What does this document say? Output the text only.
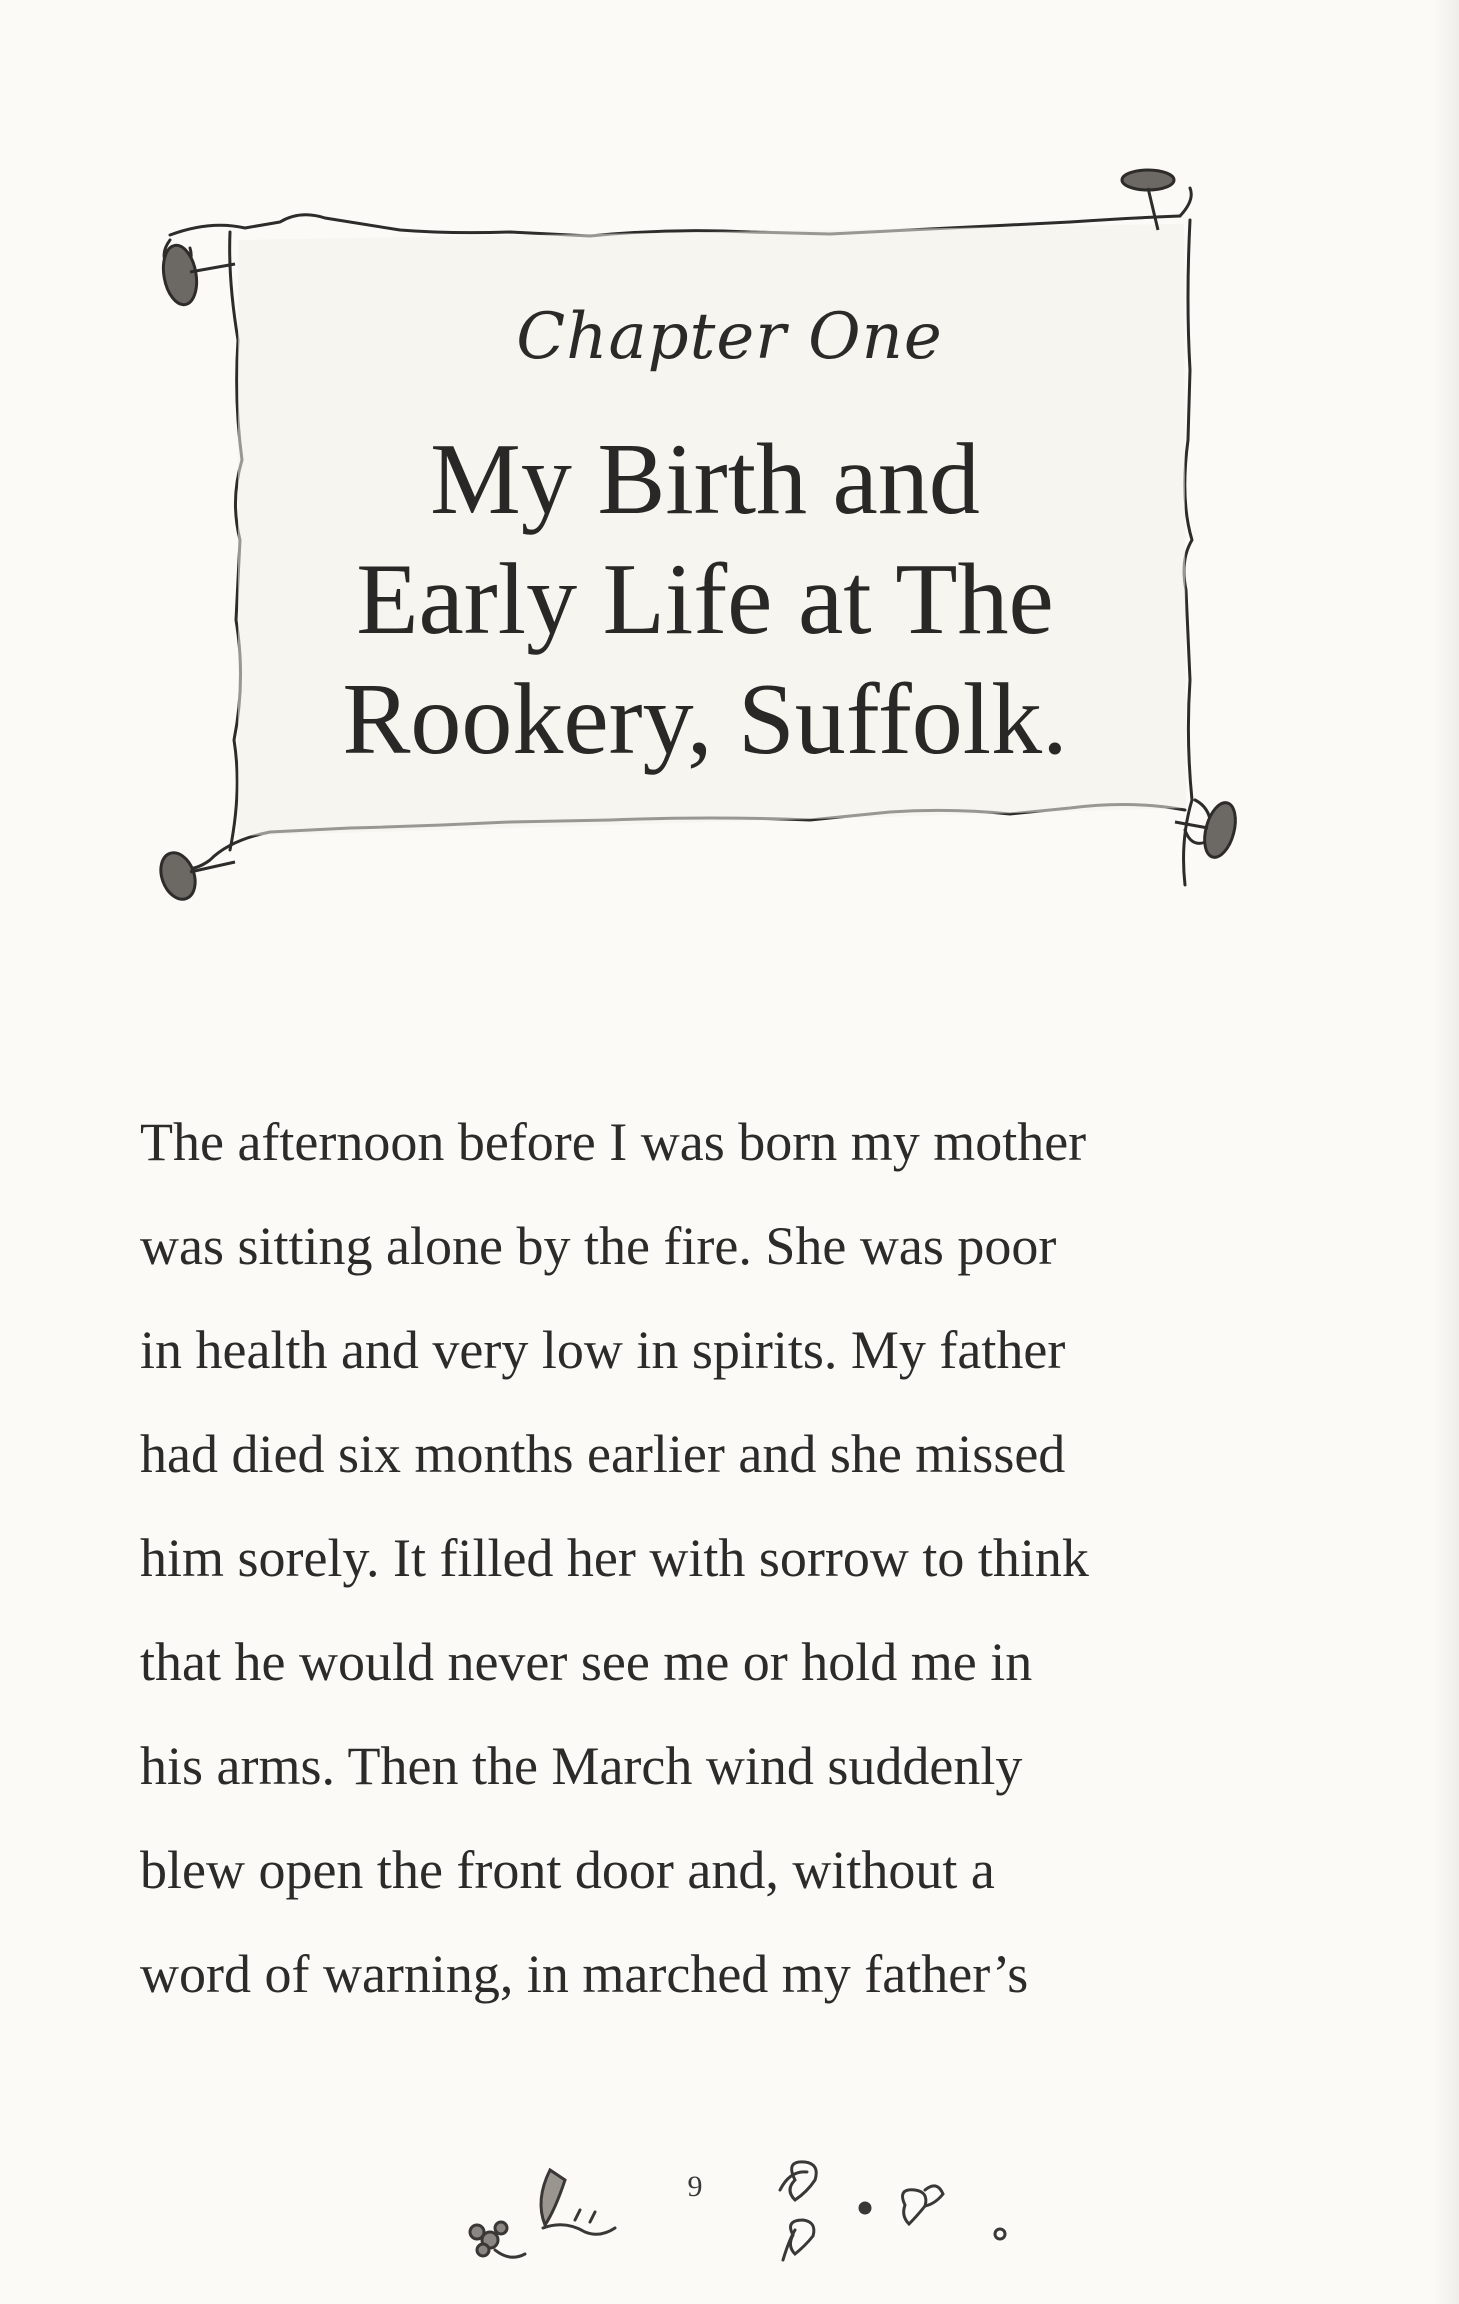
Chapter One
My Birth and
Early Life at The
Rookery, Suffolk.
The afternoon before I was born my mother
was sitting alone by the fire. She was poor
in health and very low in spirits. My father
had died six months earlier and she missed
him sorely. It filled her with sorrow to think
that he would never see me or hold me in
his arms. Then the March wind suddenly
blew open the front door and, without a
word of warning, in marched my father’s
9
